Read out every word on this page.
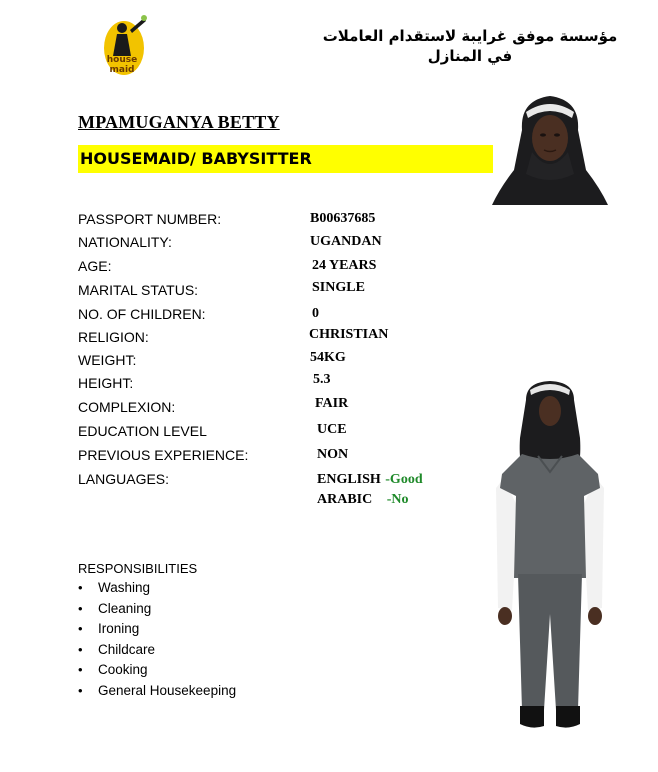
house
maid
مؤسسة موفق غرايبة لاستقدام العاملات في المنازل
MPAMUGANYA BETTY
HOUSEMAID/ BABYSITTER
PASSPORT NUMBER:	B00637685
NATIONALITY:	UGANDAN
AGE:	24 YEARS
MARITAL STATUS:	SINGLE
NO. OF CHILDREN:	0
RELIGION:	CHRISTIAN
WEIGHT:	54KG
HEIGHT:	5.3
COMPLEXION:	FAIR
EDUCATION LEVEL	UCE
PREVIOUS EXPERIENCE:	NON
LANGUAGES:	ENGLISH -Good
ARABIC -No
RESPONSIBILITIES
• Washing
• Cleaning
• Ironing
• Childcare
• Cooking
• General Housekeeping
